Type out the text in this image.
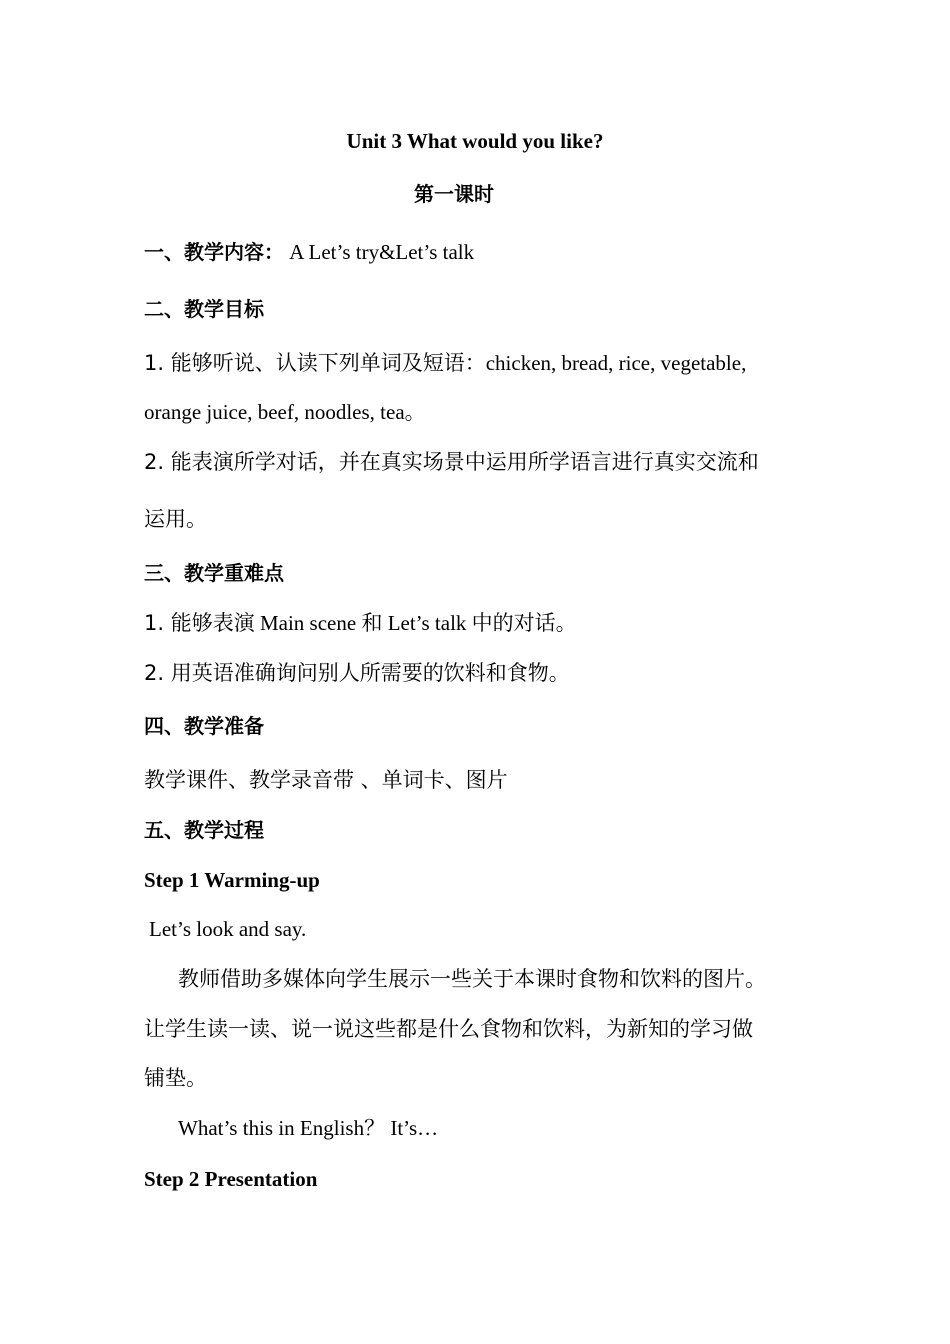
Unit 3 What would you like?
第一课时
一、教学内容： A Let’s try&Let’s talk
二、教学目标
1. 能够听说、认读下列单词及短语：chicken, bread, rice, vegetable,
orange juice, beef, noodles, tea。
2. 能表演所学对话，并在真实场景中运用所学语言进行真实交流和
运用。
三、教学重难点
1. 能够表演 Main scene 和 Let’s talk 中的对话。
2. 用英语准确询问别人所需要的饮料和食物。
四、教学准备
教学课件、教学录音带 、单词卡、图片
五、教学过程
Step 1 Warming-up
Let’s look and say.
教师借助多媒体向学生展示一些关于本课时食物和饮料的图片。
让学生读一读、说一说这些都是什么食物和饮料，为新知的学习做
铺垫。
What’s this in English？ It’s…
Step 2 Presentation
